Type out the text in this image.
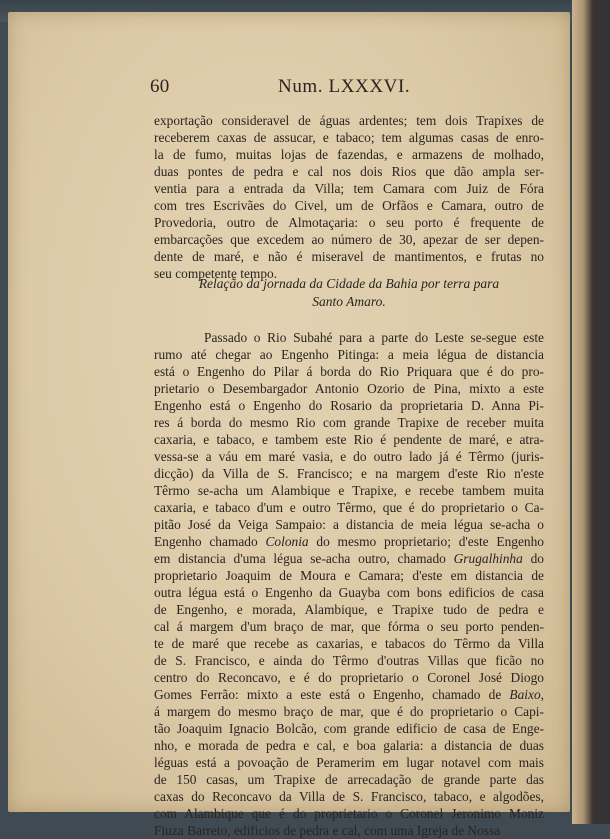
60	Num. LXXXVI.
exportação consideravel de águas ardentes; tem dois Trapixes de
receberem caxas de assucar, e tabaco; tem algumas casas de enro-
la de fumo, muitas lojas de fazendas, e armazens de molhado,
duas pontes de pedra e cal nos dois Rios que dão ampla ser-
ventia para a entrada da Villa; tem Camara com Juiz de Fóra
com tres Escrivães do Civel, um de Orfãos e Camara, outro de
Provedoria, outro de Almotaçaria: o seu porto é frequente de
embarcações que excedem ao número de 30, apezar de ser depen-
dente de maré, e não é miseravel de mantimentos, e frutas no
seu competente tempo.
Relação da jornada da Cidade da Bahia por terra para
Santo Amaro.
Passado o Rio Subahé para a parte do Leste se-segue este
rumo até chegar ao Engenho Pitinga: a meia légua de distancia
está o Engenho do Pilar á borda do Rio Priquara que é do pro-
prietario o Desembargador Antonio Ozorio de Pina, mixto a este
Engenho está o Engenho do Rosario da proprietaria D. Anna Pi-
res á borda do mesmo Rio com grande Trapixe de receber muita
caxaria, e tabaco, e tambem este Rio é pendente de maré, e atra-
vessa-se a váu em maré vasia, e do outro lado já é Têrmo (juris-
dicção) da Villa de S. Francisco; e na margem d'este Rio n'este
Têrmo se-acha um Alambique e Trapixe, e recebe tambem muita
caxaria, e tabaco d'um e outro Têrmo, que é do proprietario o Ca-
pitão José da Veiga Sampaio: a distancia de meia légua se-acha o
Engenho chamado Colonia do mesmo proprietario; d'este Engenho
em distancia d'uma légua se-acha outro, chamado Grugalhinha do
proprietario Joaquim de Moura e Camara; d'este em distancia de
outra légua está o Engenho da Guayba com bons edificios de casa
de Engenho, e morada, Alambique, e Trapixe tudo de pedra e
cal á margem d'um braço de mar, que fórma o seu porto penden-
te de maré que recebe as caxarias, e tabacos do Têrmo da Villa
de S. Francisco, e ainda do Têrmo d'outras Villas que ficão no
centro do Reconcavo, e é do proprietario o Coronel José Diogo
Gomes Ferrão: mixto a este está o Engenho, chamado de Baixo,
á margem do mesmo braço de mar, que é do proprietario o Capi-
tão Joaquim Ignacio Bolcão, com grande edificio de casa de Enge-
nho, e morada de pedra e cal, e boa galaria: a distancia de duas
léguas está a povoação de Peramerim em lugar notavel com mais
de 150 casas, um Trapixe de arrecadação de grande parte das
caxas do Reconcavo da Villa de S. Francisco, tabaco, e algodões,
com Alambique que é do proprietario o Coronel Jeronimo Moniz
Fiuza Barreto, edificios de pedra e cal, com uma Igreja de Nossa
